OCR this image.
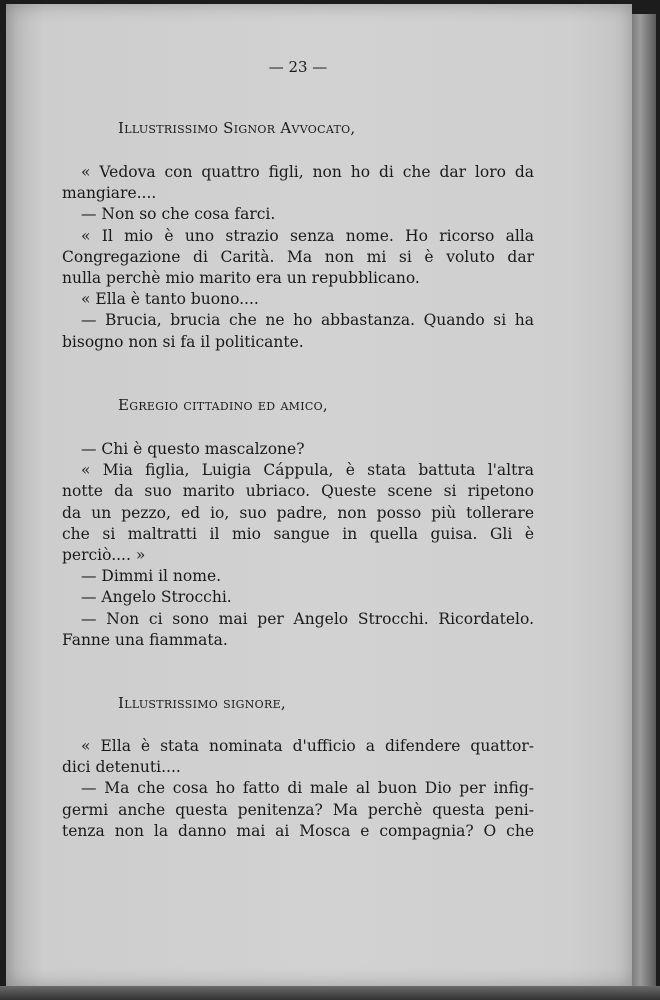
— 23 —
Illustrissimo Signor Avvocato,
« Vedova con quattro figli, non ho di che dar loro da
mangiare....
— Non so che cosa farci.
« Il mio è uno strazio senza nome. Ho ricorso alla
Congregazione di Carità. Ma non mi si è voluto dar
nulla perchè mio marito era un repubblicano.
« Ella è tanto buono....
— Brucia, brucia che ne ho abbastanza. Quando si ha
bisogno non si fa il politicante.
Egregio cittadino ed amico,
— Chi è questo mascalzone?
« Mia figlia, Luigia Cáppula, è stata battuta l'altra
notte da suo marito ubriaco. Queste scene si ripetono
da un pezzo, ed io, suo padre, non posso più tollerare
che si maltratti il mio sangue in quella guisa. Gli è
perciò.... »
— Dimmi il nome.
— Angelo Strocchi.
— Non ci sono mai per Angelo Strocchi. Ricordatelo.
Fanne una fiammata.
Illustrissimo signore,
« Ella è stata nominata d'ufficio a difendere quattor-
dici detenuti....
— Ma che cosa ho fatto di male al buon Dio per infig-
germi anche questa penitenza? Ma perchè questa peni-
tenza non la danno mai ai Mosca e compagnia? O che
